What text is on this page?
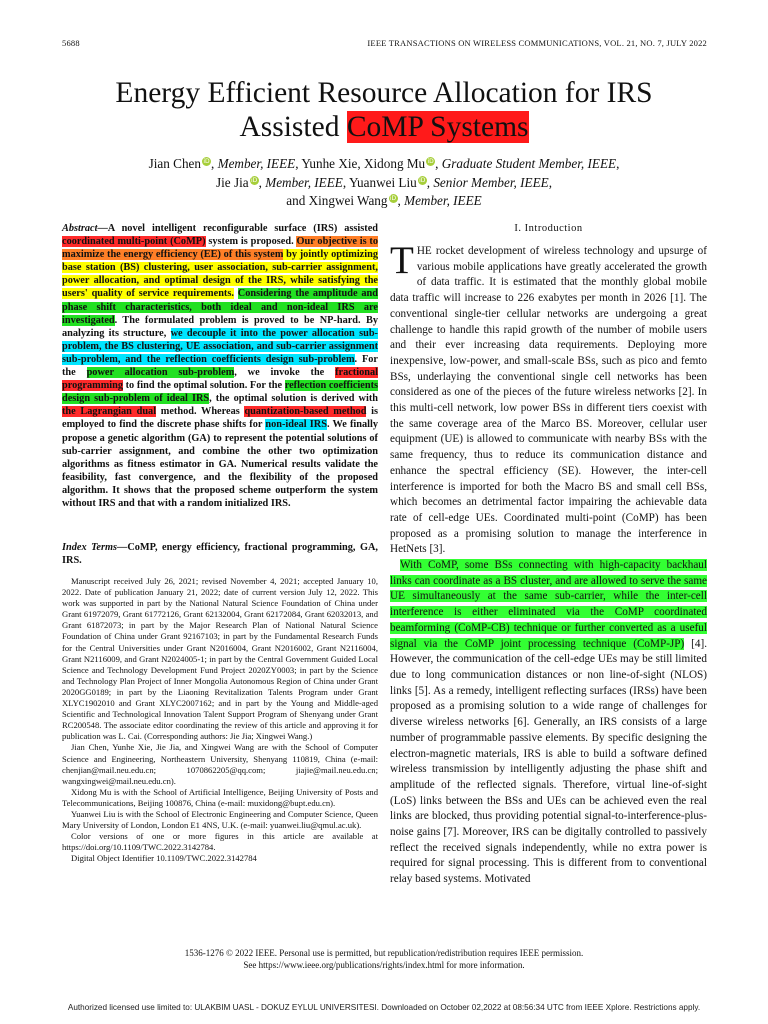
5688	IEEE TRANSACTIONS ON WIRELESS COMMUNICATIONS, VOL. 21, NO. 7, JULY 2022
Energy Efficient Resource Allocation for IRS
Assisted CoMP Systems
Jian Chen iD, Member, IEEE, Yunhe Xie, Xidong Mu iD, Graduate Student Member, IEEE,
Jie Jia iD, Member, IEEE, Yuanwei Liu iD, Senior Member, IEEE,
and Xingwei Wang iD, Member, IEEE
Abstract—A novel intelligent reconfigurable surface (IRS) assisted coordinated multi-point (CoMP) system is proposed. Our objective is to maximize the energy efficiency (EE) of this system by jointly optimizing base station (BS) clustering, user association, sub-carrier assignment, power allocation, and optimal design of the IRS, while satisfying the users' quality of service requirements. Considering the amplitude and phase shift characteristics, both ideal and non-ideal IRS are investigated. The formulated problem is proved to be NP-hard. By analyzing its structure, we decouple it into the power allocation sub-problem, the BS clustering, UE association, and sub-carrier assignment sub-problem, and the reflection coefficients design sub-problem. For the power allocation sub-problem, we invoke the fractional programming to find the optimal solution. For the reflection coefficients design sub-problem of ideal IRS, the optimal solution is derived with the Lagrangian dual method. Whereas quantization-based method is employed to find the discrete phase shifts for non-ideal IRS. We finally propose a genetic algorithm (GA) to represent the potential solutions of sub-carrier assignment, and combine the other two optimization algorithms as fitness estimator in GA. Numerical results validate the feasibility, fast convergence, and the flexibility of the proposed algorithm. It shows that the proposed scheme outperform the system without IRS and that with a random initialized IRS.
Index Terms—CoMP, energy efficiency, fractional programming, GA, IRS.

Manuscript received July 26, 2021; revised November 4, 2021; accepted January 10, 2022. Date of publication January 21, 2022; date of current version July 12, 2022. This work was supported in part by the National Natural Science Foundation of China under Grant 61972079, Grant 61772126, Grant 62132004, Grant 62172084, Grant 62032013, and Grant 61872073; in part by the Major Research Plan of National Natural Science Foundation of China under Grant 92167103; in part by the Fundamental Research Funds for the Central Universities under Grant N2016004, Grant N2016002, Grant N2116004, Grant N2116009, and Grant N2024005-1; in part by the Central Government Guided Local Science and Technology Development Fund Project 2020ZY0003; in part by the Science and Technology Plan Project of Inner Mongolia Autonomous Region of China under Grant 2020GG0189; in part by the Liaoning Revitalization Talents Program under Grant XLYC1902010 and Grant XLYC2007162; and in part by the Young and Middle-aged Scientific and Technological Innovation Talent Support Program of Shenyang under Grant RC200548. The associate editor coordinating the review of this article and approving it for publication was L. Cai. (Corresponding authors: Jie Jia; Xingwei Wang.)

Jian Chen, Yunhe Xie, Jie Jia, and Xingwei Wang are with the School of Computer Science and Engineering, Northeastern University, Shenyang 110819, China (e-mail: chenjian@mail.neu.edu.cn; 1070862205@qq.com; jiajie@mail.neu.edu.cn; wangxingwei@mail.neu.edu.cn).

Xidong Mu is with the School of Artificial Intelligence, Beijing University of Posts and Telecommunications, Beijing 100876, China (e-mail: muxidong@bupt.edu.cn).

Yuanwei Liu is with the School of Electronic Engineering and Computer Science, Queen Mary University of London, London E1 4NS, U.K. (e-mail: yuanwei.liu@qmul.ac.uk).

Color versions of one or more figures in this article are available at https://doi.org/10.1109/TWC.2022.3142784.

Digital Object Identifier 10.1109/TWC.2022.3142784

I. Introduction

THE rocket development of wireless technology and upsurge of various mobile applications have greatly accelerated the growth of data traffic. It is estimated that the monthly global mobile data traffic will increase to 226 exabytes per month in 2026 [1]. The conventional single-tier cellular networks are undergoing a great challenge to handle this rapid growth of the number of mobile users and their ever increasing data requirements. Deploying more inexpensive, low-power, and small-scale BSs, such as pico and femto BSs, underlaying the conventional single cell networks has been considered as one of the pieces of the future wireless networks [2]. In this multi-cell network, low power BSs in different tiers coexist with the same coverage area of the Marco BS. Moreover, cellular user equipment (UE) is allowed to communicate with nearby BSs with the same frequency, thus to reduce its communication distance and enhance the spectral efficiency (SE). However, the inter-cell interference is imported for both the Macro BS and small cell BSs, which becomes an detrimental factor impairing the achievable data rate of cell-edge UEs. Coordinated multi-point (CoMP) has been proposed as a promising solution to manage the interference in HetNets [3].

With CoMP, some BSs connecting with high-capacity backhaul links can coordinate as a BS cluster, and are allowed to serve the same UE simultaneously at the same sub-carrier, while the inter-cell interference is either eliminated via the CoMP coordinated beamforming (CoMP-CB) technique or further converted as a useful signal via the CoMP joint processing technique (CoMP-JP) [4]. However, the communication of the cell-edge UEs may be still limited due to long communication distances or non line-of-sight (NLOS) links [5]. As a remedy, intelligent reflecting surfaces (IRSs) have been proposed as a promising solution to a wide range of challenges for diverse wireless networks [6]. Generally, an IRS consists of a large number of programmable passive elements. By specific designing the electron-magnetic materials, IRS is able to build a software defined wireless transmission by intelligently adjusting the phase shift and amplitude of the reflected signals. Therefore, virtual line-of-sight (LoS) links between the BSs and UEs can be achieved even the real links are blocked, thus providing potential signal-to-interference-plus-noise gains [7]. Moreover, IRS can be digitally controlled to passively reflect the received signals independently, while no extra power is required for signal processing. This is different from to conventional relay based systems. Motivated

1536-1276 © 2022 IEEE. Personal use is permitted, but republication/redistribution requires IEEE permission.
See https://www.ieee.org/publications/rights/index.html for more information.
Authorized licensed use limited to: ULAKBIM UASL - DOKUZ EYLUL UNIVERSITESI. Downloaded on October 02,2022 at 08:56:34 UTC from IEEE Xplore. Restrictions apply.
